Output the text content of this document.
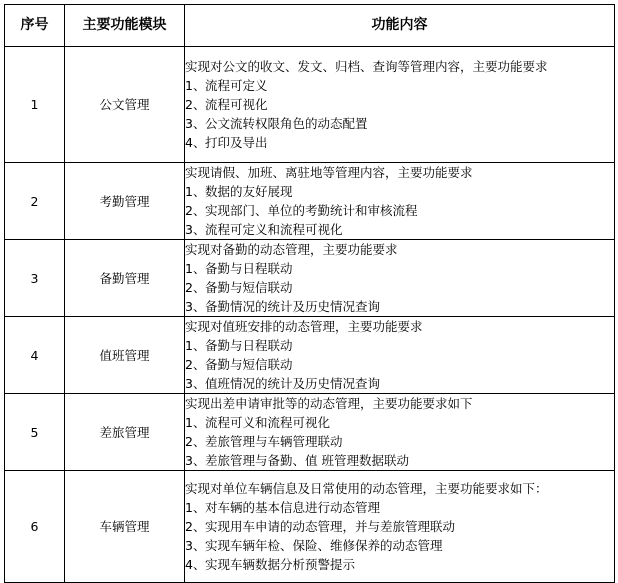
序号	主要功能模块	功能内容
1	公文管理	实现对公文的收文、发文、归档、查询等管理内容，主要功能要求
1、流程可定义
2、流程可视化
3、公文流转权限角色的动态配置
4、打印及导出

2	考勤管理	实现请假、加班、离驻地等管理内容，主要功能要求
1、数据的友好展现
2、实现部门、单位的考勤统计和审核流程
3、流程可定义和流程可视化

3	备勤管理	实现对备勤的动态管理，主要功能要求
1、备勤与日程联动
2、备勤与短信联动
3、备勤情况的统计及历史情况查询

4	值班管理	实现对值班安排的动态管理，主要功能要求
1、备勤与日程联动
2、备勤与短信联动
3、值班情况的统计及历史情况查询

5	差旅管理	实现出差申请审批等的动态管理，主要功能要求如下
1、流程可义和流程可视化
2、差旅管理与车辆管理联动
3、差旅管理与备勤、值 班管理数据联动

6	车辆管理	实现对单位车辆信息及日常使用的动态管理，主要功能要求如下：
1、对车辆的基本信息进行动态管理
2、实现用车申请的动态管理，并与差旅管理联动
3、实现车辆年检、保险、维修保养的动态管理
4、实现车辆数据分析预警提示
